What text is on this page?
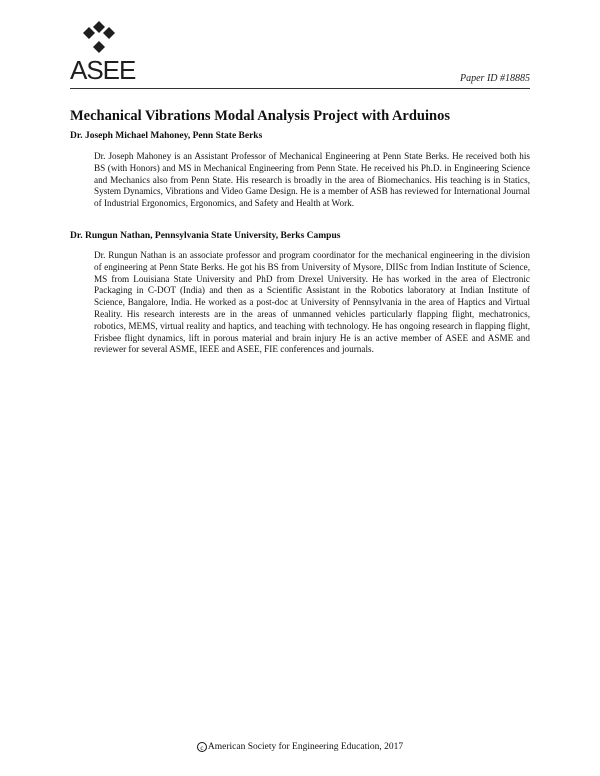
ASEE	Paper ID #18885
Mechanical Vibrations Modal Analysis Project with Arduinos
Dr. Joseph Michael Mahoney, Penn State Berks

Dr. Joseph Mahoney is an Assistant Professor of Mechanical Engineering at Penn State Berks. He received both his BS (with Honors) and MS in Mechanical Engineering from Penn State. He received his Ph.D. in Engineering Science and Mechanics also from Penn State. His research is broadly in the area of Biomechanics. His teaching is in Statics, System Dynamics, Vibrations and Video Game Design. He is a member of ASB has reviewed for International Journal of Industrial Ergonomics, Ergonomics, and Safety and Health at Work.

Dr. Rungun Nathan, Pennsylvania State University, Berks Campus

Dr. Rungun Nathan is an associate professor and program coordinator for the mechanical engineering in the division of engineering at Penn State Berks. He got his BS from University of Mysore, DIISc from Indian Institute of Science, MS from Louisiana State University and PhD from Drexel University. He has worked in the area of Electronic Packaging in C-DOT (India) and then as a Scientific Assistant in the Robotics laboratory at Indian Institute of Science, Bangalore, India. He worked as a post-doc at University of Pennsylvania in the area of Haptics and Virtual Reality. His research interests are in the areas of unmanned vehicles particularly flapping flight, mechatronics, robotics, MEMS, virtual reality and haptics, and teaching with technology. He has ongoing research in flapping flight, Frisbee flight dynamics, lift in porous material and brain injury He is an active member of ASEE and ASME and reviewer for several ASME, IEEE and ASEE, FIE conferences and journals.

c American Society for Engineering Education, 2017
